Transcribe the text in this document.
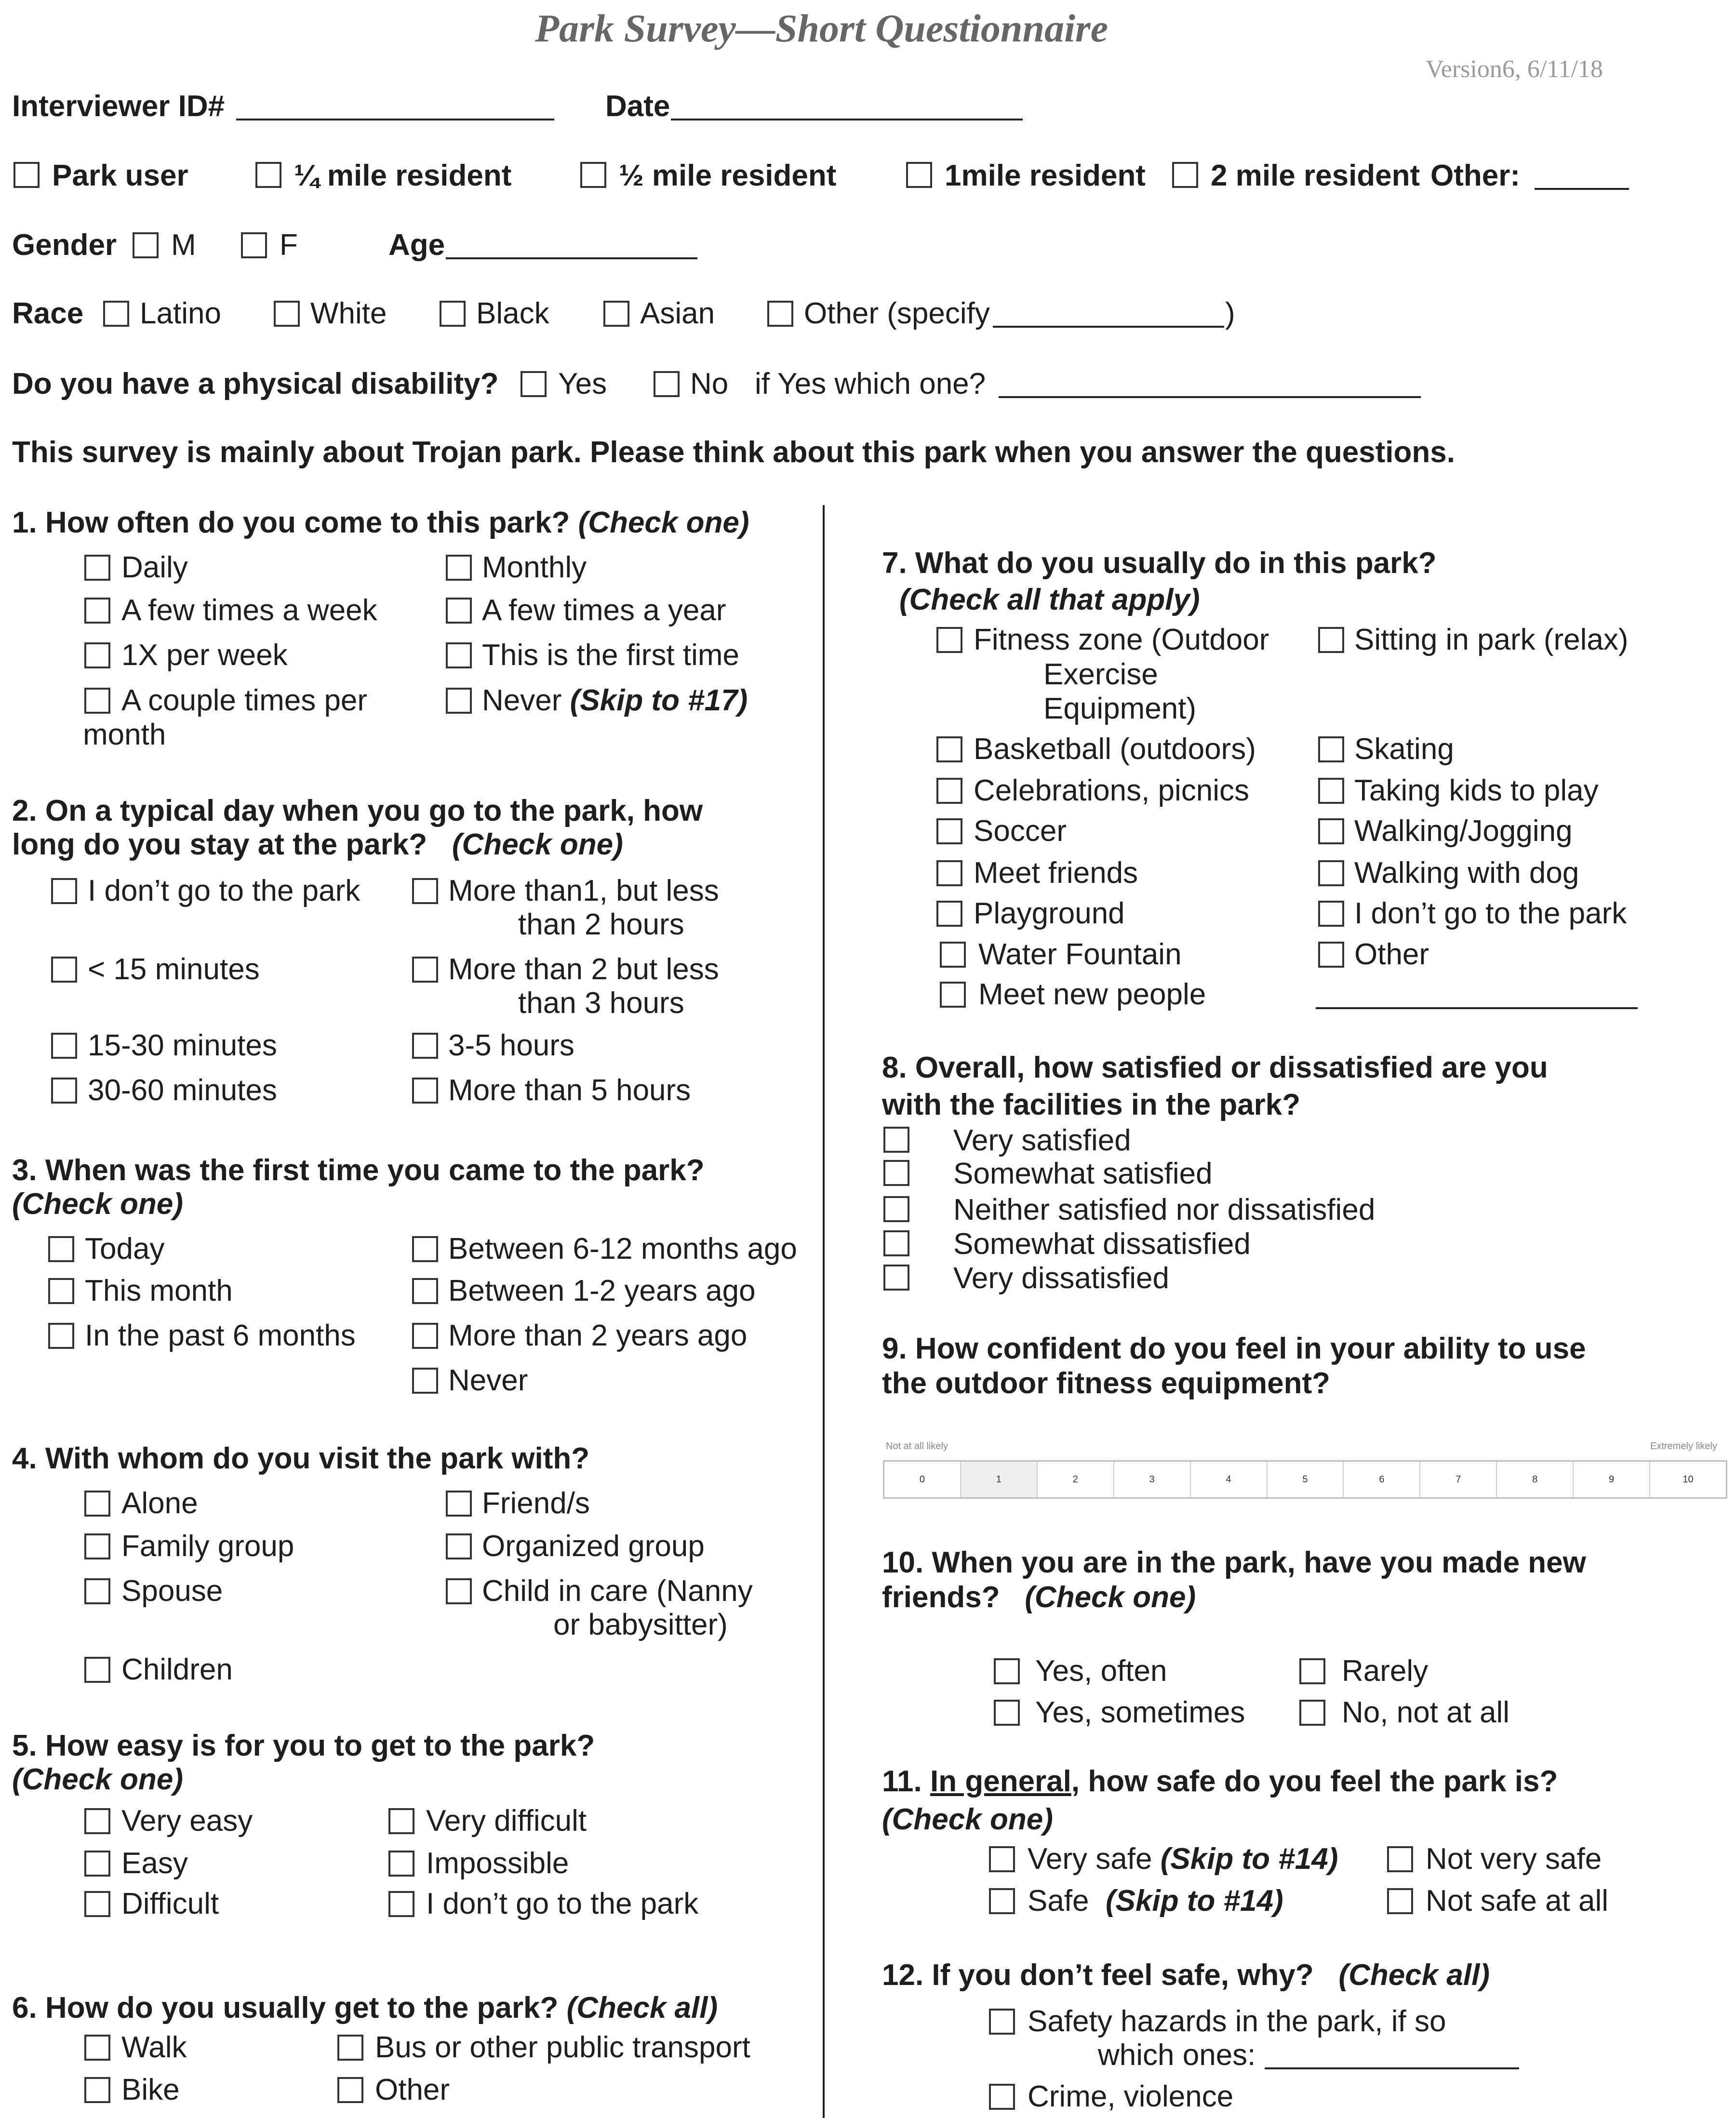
Park Survey—Short Questionnaire
Version6, 6/11/18
Interviewer ID#	Date
Park user	¼ mile resident	½ mile resident	1mile resident 2 mile resident Other:
Gender M	F	Age
Race Latino	White	Black	Asian	Other (specify	)
Do you have a physical disability? Yes	No if Yes which one?
This survey is mainly about Trojan park. Please think about this park when you answer the questions.
1. How often do you come to this park? (Check one)
Daily	Monthly
A few times a week	A few times a year
1X per week	This is the first time
A couple times per
month
Never (Skip to #17)
2. On a typical day when you go to the park, how
long do you stay at the park? (Check one)
I don’t go to the park	More than1, but less
than 2 hours
< 15 minutes	More than 2 but less
than 3 hours
15-30 minutes	3-5 hours
30-60 minutes	More than 5 hours
3. When was the first time you came to the park?
(Check one)
Today	Between 6-12 months ago
This month	Between 1-2 years ago
In the past 6 months	More than 2 years ago
Never
4. With whom do you visit the park with?
Alone	Friend/s
Family group	Organized group
Spouse	Child in care (Nanny
or babysitter)
Children
5. How easy is for you to get to the park?
(Check one)
Very easy	Very difficult
Easy	Impossible
Difficult	I don’t go to the park
6. How do you usually get to the park? (Check all)
Walk	Bus or other public transport
Bike	Other
7. What do you usually do in this park?
(Check all that apply)
Fitness zone (Outdoor
Exercise
Equipment)
Sitting in park (relax)
Basketball (outdoors)	Skating
Celebrations, picnics	Taking kids to play
Soccer	Walking/Jogging
Meet friends	Walking with dog
Playground	I don’t go to the park
Water Fountain	Other
Meet new people
8. Overall, how satisfied or dissatisfied are you
with the facilities in the park?
Very satisfied
Somewhat satisfied
Neither satisfied nor dissatisfied
Somewhat dissatisfied
Very dissatisfied
9. How confident do you feel in your ability to use
the outdoor fitness equipment?
Not at all likely	Extremely likely
0	1	2	3	4	5	6	7	8	9	10
10. When you are in the park, have you made new
friends? (Check one)
Yes, often	Rarely
Yes, sometimes	No, not at all
11. In general, how safe do you feel the park is?
(Check one)
Very safe (Skip to #14)	Not very safe
Safe (Skip to #14)	Not safe at all
12. If you don’t feel safe, why? (Check all)
Safety hazards in the park, if so
which ones:
Crime, violence
